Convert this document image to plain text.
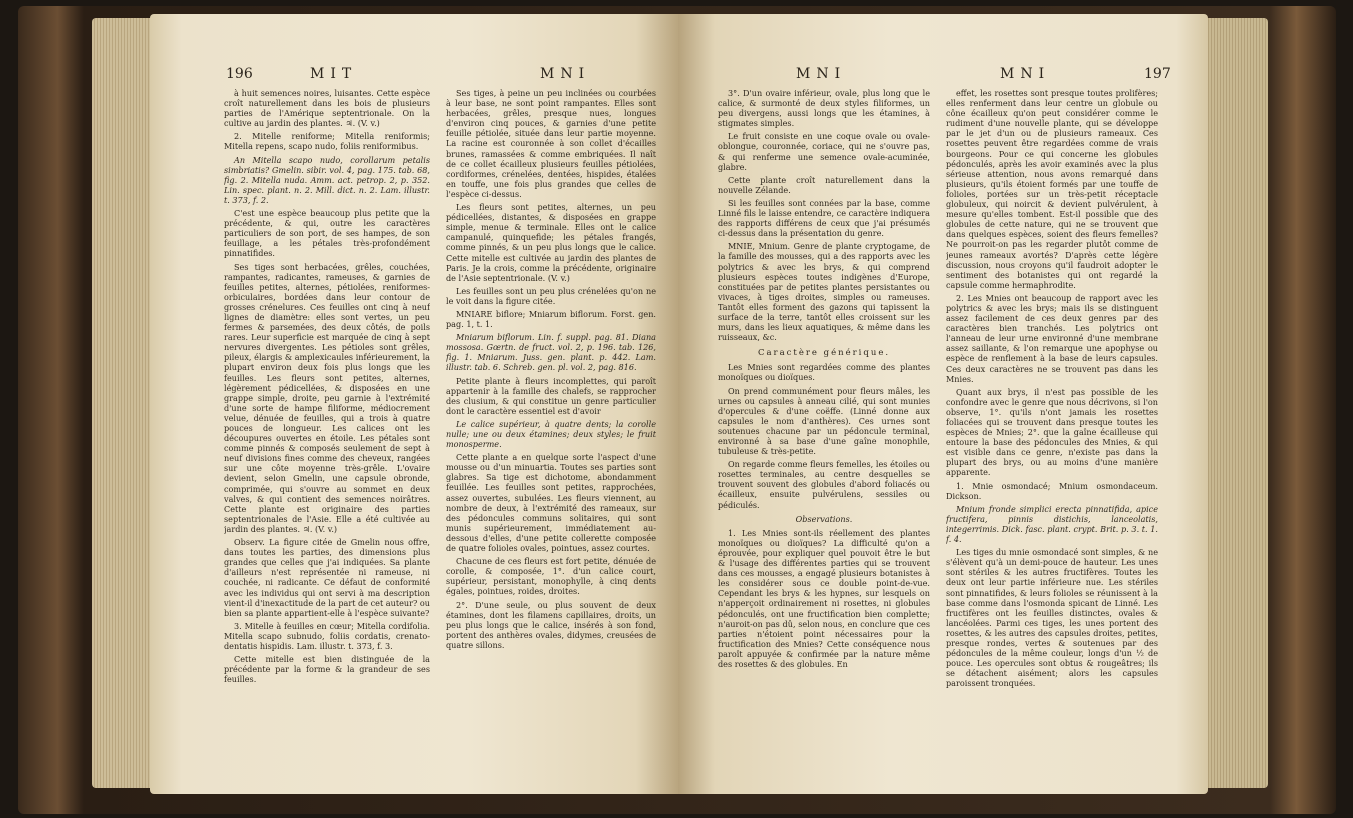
196	MIT	MNI

à huit semences noires, luisantes. Cette espèce croît naturellement dans les bois de plusieurs parties de l'Amérique septentrionale. On la cultive au jardin des plantes. ♃. (V. v.)

2. Mitelle reniforme; Mitella reniformis; Mitella repens, scapo nudo, foliis reniformibus.

An Mitella scapo nudo, corollarum petalis simbriatis? Gmelin. sibir. vol. 4, pag. 175. tab. 68, fig. 2. Mitella nuda. Amm. act. petrop. 2, p. 352. Lin. spec. plant. n. 2. Mill. dict. n. 2. Lam. illustr. t. 373, f. 2.

C'est une espèce beaucoup plus petite que la précédente, & qui, outre les caractères particuliers de son port, de ses hampes, de son feuillage, a les pétales très-profondément pinnatifides.

Ses tiges sont herbacées, grêles, couchées, rampantes, radicantes, rameuses, & garnies de feuilles petites, alternes, pétiolées, reniformes-orbiculaires, bordées dans leur contour de grosses crénelures. Ces feuilles ont cinq à neuf lignes de diamètre: elles sont vertes, un peu fermes & parsemées, des deux côtés, de poils rares. Leur superficie est marquée de cinq à sept nervures divergentes. Les pétioles sont grêles, pileux, élargis & amplexicaules inférieurement, la plupart environ deux fois plus longs que les feuilles. Les fleurs sont petites, alternes, légèrement pédicellées, & disposées en une grappe simple, droite, peu garnie à l'extrémité d'une sorte de hampe filiforme, médiocrement velue, dénuée de feuilles, qui a trois à quatre pouces de longueur. Les calices ont les découpures ouvertes en étoile. Les pétales sont comme pinnés & composés seulement de sept à neuf divisions fines comme des cheveux, rangées sur une côte moyenne très-grêle. L'ovaire devient, selon Gmelin, une capsule obronde, comprimée, qui s'ouvre au sommet en deux valves, & qui contient des semences noirâtres. Cette plante est originaire des parties septentrionales de l'Asie. Elle a été cultivée au jardin des plantes. ♃. (V. v.)

Observ. La figure citée de Gmelin nous offre, dans toutes les parties, des dimensions plus grandes que celles que j'ai indiquées. Sa plante d'ailleurs n'est représentée ni rameuse, ni couchée, ni radicante. Ce défaut de conformité avec les individus qui ont servi à ma description vient-il d'inexactitude de la part de cet auteur? ou bien sa plante appartient-elle à l'espèce suivante?

3. Mitelle à feuilles en cœur; Mitella cordifolia. Mitella scapo subnudo, foliis cordatis, crenato-dentatis hispidis. Lam. illustr. t. 373, f. 3.

Cette mitelle est bien distinguée de la précédente par la forme & la grandeur de ses feuilles.

Ses tiges, à peine un peu inclinées ou courbées à leur base, ne sont point rampantes. Elles sont herbacées, grêles, presque nues, longues d'environ cinq pouces, & garnies d'une petite feuille pétiolée, située dans leur partie moyenne. La racine est couronnée à son collet d'écailles brunes, ramassées & comme embriquées. Il naît de ce collet écailleux plusieurs feuilles pétiolées, cordiformes, crénelées, dentées, hispides, étalées en touffe, une fois plus grandes que celles de l'espèce ci-dessus.

Les fleurs sont petites, alternes, un peu pédicellées, distantes, & disposées en grappe simple, menue & terminale. Elles ont le calice campanulé, quinquefide; les pétales frangés, comme pinnés, & un peu plus longs que le calice. Cette mitelle est cultivée au jardin des plantes de Paris. Je la crois, comme la précédente, originaire de l'Asie septentrionale. (V. v.)

Les feuilles sont un peu plus crénelées qu'on ne le voit dans la figure citée.

MNIARE biflore; Mniarum biflorum. Forst. gen. pag. 1, t. 1.

Mniarum biflorum. Lin. f. suppl. pag. 81. Diana mossosa. Gœrtn. de fruct. vol. 2, p. 196. tab. 126, fig. 1. Mniarum. Juss. gen. plant. p. 442. Lam. illustr. tab. 6. Schreb. gen. pl. vol. 2, pag. 816.

Petite plante à fleurs incomplettes, qui paroît appartenir à la famille des chalefs, se rapprocher des clusium, & qui constitue un genre particulier dont le caractère essentiel est d'avoir

Le calice supérieur, à quatre dents; la corolle nulle; une ou deux étamines; deux styles; le fruit monosperme.

Cette plante a en quelque sorte l'aspect d'une mousse ou d'un minuartia. Toutes ses parties sont glabres. Sa tige est dichotome, abondamment feuillée. Les feuilles sont petites, rapprochées, assez ouvertes, subulées. Les fleurs viennent, au nombre de deux, à l'extrémité des rameaux, sur des pédoncules communs solitaires, qui sont munis supérieurement, immédiatement au-dessous d'elles, d'une petite collerette composée de quatre folioles ovales, pointues, assez courtes.

Chacune de ces fleurs est fort petite, dénuée de corolle, & composée, 1°. d'un calice court, supérieur, persistant, monophylle, à cinq dents égales, pointues, roides, droites.

2°. D'une seule, ou plus souvent de deux étamines, dont les filamens capillaires, droits, un peu plus longs que le calice, insérés à son fond, portent des anthères ovales, didymes, creusées de quatre sillons.

MNI	MNI	197

3°. D'un ovaire inférieur, ovale, plus long que le calice, & surmonté de deux styles filiformes, un peu divergens, aussi longs que les étamines, à stigmates simples.

Le fruit consiste en une coque ovale ou ovale-oblongue, couronnée, coriace, qui ne s'ouvre pas, & qui renferme une semence ovale-acuminée, glabre.

Cette plante croît naturellement dans la nouvelle Zélande.

Si les feuilles sont connées par la base, comme Linné fils le laisse entendre, ce caractère indiquera des rapports différens de ceux que j'ai présumés ci-dessus dans la présentation du genre.

MNIE, Mnium. Genre de plante cryptogame, de la famille des mousses, qui a des rapports avec les polytrics & avec les brys, & qui comprend plusieurs espèces toutes indigènes d'Europe, constituées par de petites plantes persistantes ou vivaces, à tiges droites, simples ou rameuses. Tantôt elles forment des gazons qui tapissent la surface de la terre, tantôt elles croissent sur les murs, dans les lieux aquatiques, & même dans les ruisseaux, &c.

Caractère générique.

Les Mnies sont regardées comme des plantes monoïques ou dioïques.

On prend communément pour fleurs mâles, les urnes ou capsules à anneau cilié, qui sont munies d'opercules & d'une coëffe. (Linné donne aux capsules le nom d'anthères). Ces urnes sont soutenues chacune par un pédoncule terminal, environné à sa base d'une gaîne monophile, tubuleuse & très-petite.

On regarde comme fleurs femelles, les étoiles ou rosettes terminales, au centre desquelles se trouvent souvent des globules d'abord foliacés ou écailleux, ensuite pulvérulens, sessiles ou pédiculés.

Observations.

1. Les Mnies sont-ils réellement des plantes monoïques ou dioïques? La difficulté qu'on a éprouvée, pour expliquer quel pouvoit être le but & l'usage des différentes parties qui se trouvent dans ces mousses, a engagé plusieurs botanistes à les considérer sous ce double point-de-vue. Cependant les brys & les hypnes, sur lesquels on n'apperçoit ordinairement ni rosettes, ni globules pédonculés, ont une fructification bien complette; n'auroit-on pas dû, selon nous, en conclure que ces parties n'étoient point nécessaires pour la fructification des Mnies? Cette conséquence nous paroît appuyée & confirmée par la nature même des rosettes & des globules. En

effet, les rosettes sont presque toutes prolifères; elles renferment dans leur centre un globule ou cône écailleux qu'on peut considérer comme le rudiment d'une nouvelle plante, qui se développe par le jet d'un ou de plusieurs rameaux. Ces rosettes peuvent être regardées comme de vrais bourgeons. Pour ce qui concerne les globules pédonculés, après les avoir examinés avec la plus sérieuse attention, nous avons remarqué dans plusieurs, qu'ils étoient formés par une touffe de folioles, portées sur un très-petit réceptacle globuleux, qui noircit & devient pulvérulent, à mesure qu'elles tombent. Est-il possible que des globules de cette nature, qui ne se trouvent que dans quelques espèces, soient des fleurs femelles? Ne pourroit-on pas les regarder plutôt comme de jeunes rameaux avortés? D'après cette légère discussion, nous croyons qu'il faudroit adopter le sentiment des botanistes qui ont regardé la capsule comme hermaphrodite.

2. Les Mnies ont beaucoup de rapport avec les polytrics & avec les brys; mais ils se distinguent assez facilement de ces deux genres par des caractères bien tranchés. Les polytrics ont l'anneau de leur urne environné d'une membrane assez saillante, & l'on remarque une apophyse ou espèce de renflement à la base de leurs capsules. Ces deux caractères ne se trouvent pas dans les Mnies.

Quant aux brys, il n'est pas possible de les confondre avec le genre que nous décrivons, si l'on observe, 1°. qu'ils n'ont jamais les rosettes foliacées qui se trouvent dans presque toutes les espèces de Mnies; 2°. que la gaîne écailleuse qui entoure la base des pédoncules des Mnies, & qui est visible dans ce genre, n'existe pas dans la plupart des brys, ou au moins d'une manière apparente.

1. Mnie osmondacé; Mnium osmondaceum. Dickson.

Mnium fronde simplici erecta pinnatifida, apice fructifera, pinnis distichis, lanceolatis, integerrimis. Dick. fasc. plant. crypt. Brit. p. 3. t. 1. f. 4.

Les tiges du mnie osmondacé sont simples, & ne s'élèvent qu'à un demi-pouce de hauteur. Les unes sont stériles & les autres fructifères. Toutes les deux ont leur partie inférieure nue. Les stériles sont pinnatifides, & leurs folioles se réunissent à la base comme dans l'osmonda spicant de Linné. Les fructifères ont les feuilles distinctes, ovales & lancéolées. Parmi ces tiges, les unes portent des rosettes, & les autres des capsules droites, petites, presque rondes, vertes & soutenues par des pédoncules de la même couleur, longs d'un ½ de pouce. Les opercules sont obtus & rougeâtres; ils se détachent aisément; alors les capsules paroissent tronquées.
